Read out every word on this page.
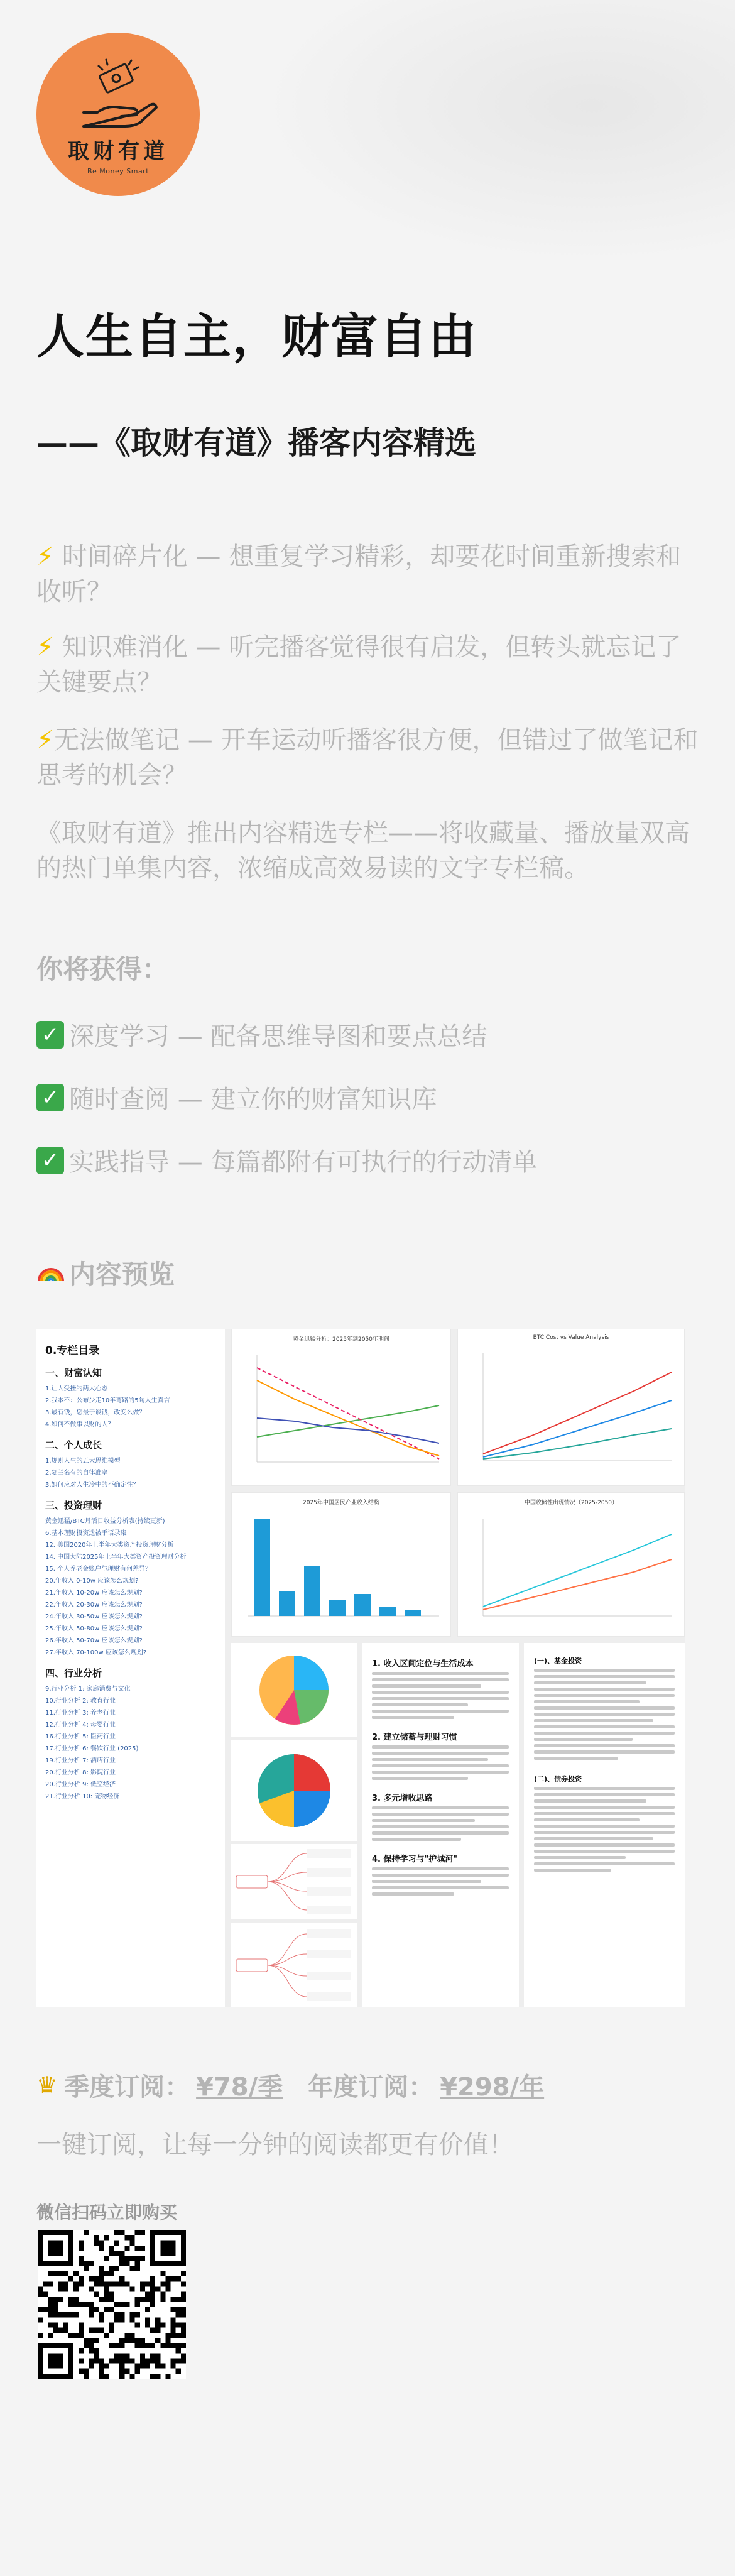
取财有道
Be Money Smart
人生自主，财富自由
——《取财有道》播客内容精选
⚡ 时间碎片化 — 想重复学习精彩，却要花时间重新搜索和收听？
⚡ 知识难消化 — 听完播客觉得很有启发，但转头就忘记了关键要点？
⚡无法做笔记 — 开车运动听播客很方便，但错过了做笔记和思考的机会？
《取财有道》推出内容精选专栏——将收藏量、播放量双高的热门单集内容，浓缩成高效易读的文字专栏稿。
你将获得：
✓ 深度学习 — 配备思维导图和要点总结
✓ 随时查阅 — 建立你的财富知识库
✓ 实践指导 — 每篇都附有可执行的行动清单
内容预览
0.专栏目录
一、财富认知
1.让人受挫的两大心态
2.我本不：公布少走10年弯路的5句人生真言
3.最有钱，您最于谈钱，改变么做？
4.如何不做事以财的人？
二、个人成长
1.规则人生的五大思维模型
2.复兰名有的自律准率
3.如何应对人生冷中的不确定性？
三、投资理财
黄金迅猛/BTC月活日收益分析表(持续更新)
6.基本理财投资迭被手语录集
12. 美国2020年上半年大类资产投资理财分析
14. 中国大陆2025年上半年大类资产投资理财分析
15. 个人养老金账户与理财有何差异？
20.年收入 0-10w 应该怎么规划?
21.年收入 10-20w 应该怎么规划?
22.年收入 20-30w 应该怎么规划?
24.年收入 30-50w 应该怎么规划?
25.年收入 50-80w 应该怎么规划?
26.年收入 50-70w 应该怎么规划?
27.年收入 70-100w 应该怎么规划?
四、行业分析
9.行业分析 1: 家庭消费与文化
10.行业分析 2: 教育行业
11.行业分析 3: 养老行业
12.行业分析 4: 母婴行业
16.行业分析 5: 医药行业
17.行业分析 6: 餐饮行业 (2025)
19.行业分析 7: 酒店行业
20.行业分析 8: 影院行业
20.行业分析 9: 低空经济
21.行业分析 10: 宠物经济
黄金迅猛分析：2025年到2050年期间	BTC Cost vs Value Analysis
2025年中国居民产业收入结构	中国收储性出现情况（2025-2050）
1. 收入区间定位与生活成本
2. 建立储蓄与理财习惯
3. 多元增收思路
4. 保持学习与"护城河"
(一)、基金投资
(二)、债券投资
♛ 季度订阅： ¥78/季 年度订阅： ¥298/年
一键订阅，让每一分钟的阅读都更有价值！
微信扫码立即购买
